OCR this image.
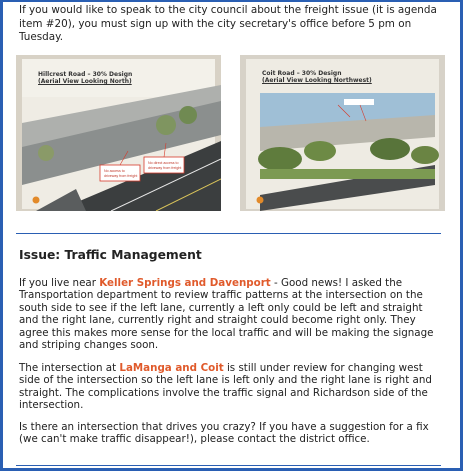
If you would like to speak to the city council about the freight issue (it is agenda item #20), you must sign up with the city secretary's office before 5 pm on Tuesday.
No access to
driveway from freight
No direct access to
driveway from freight
Hillcrest Road – 30% Design
(Aerial View Looking North)
Coit Road – 30% Design
(Aerial View Looking Northwest)
Issue: Traffic Management
If you live near Keller Springs and Davenport - Good news! I asked the Transportation department to review traffic patterns at the intersection on the south side to see if the left lane, currently a left only could be left and straight and the right lane, currently right and straight could become right only. They agree this makes more sense for the local traffic and will be making the signage and striping changes soon.
The intersection at LaManga and Coit is still under review for changing west side of the intersection so the left lane is left only and the right lane is right and straight. The complications involve the traffic signal and Richardson side of the intersection.
Is there an intersection that drives you crazy? If you have a suggestion for a fix (we can't make traffic disappear!), please contact the district office.
